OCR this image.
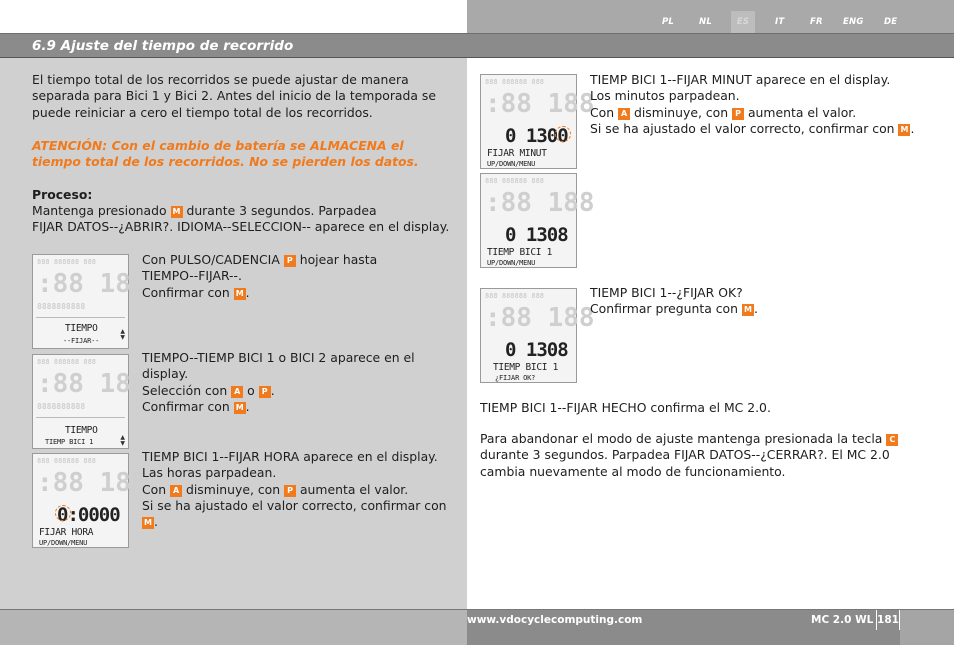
PL	NL	ES	IT	FR ENG DE
6.9 Ajuste del tiempo de recorrido
El tiempo total de los recorridos se puede ajustar de manera separada para Bici 1 y Bici 2. Antes del inicio de la temporada se puede reiniciar a cero el tiempo total de los recorridos.
ATENCIÓN: Con el cambio de batería se ALMACENA el tiempo total de los recorridos. No se pierden los datos.
Proceso:

Mantenga presionado M durante 3 segundos. Parpadea

FIJAR DATOS--¿ABRIR?. IDIOMA--SELECCION-- aparece en el display.

888 888888 888
:88 188
8888888888
TIEMPO
--FIJAR--
▲
▼

Con PULSO/CADENCIA P hojear hasta

TIEMPO--FIJAR--.

Confirmar con M .

888 888888 888
:88 188
8888888888
TIEMPO
TIEMP BICI 1
▲
▼

TIEMPO--TIEMP BICI 1 o BICI 2 aparece en el display.

Selección con A o P .

Confirmar con M .

888 888888 888
:88 188
0:0000
FIJAR HORA
UP/DOWN/MENU

TIEMP BICI 1--FIJAR HORA aparece en el display.

Las horas parpadean.

Con A disminuye, con P aumenta el valor.

Si se ha ajustado el valor correcto, confirmar con M .

888 888888 888
:88 188
0 1300
FIJAR MINUT
UP/DOWN/MENU
888 888888 888
:88 188
0 1308
TIEMP BICI 1
UP/DOWN/MENU

TIEMP BICI 1--FIJAR MINUT aparece en el display.

Los minutos parpadean.

Con A disminuye, con P aumenta el valor.

Si se ha ajustado el valor correcto, confirmar con M .

888 888888 888
:88 188
0 1308
TIEMP BICI 1
¿FIJAR OK?

TIEMP BICI 1--¿FIJAR OK?

Confirmar pregunta con M .

TIEMP BICI 1--FIJAR HECHO confirma el MC 2.0.

Para abandonar el modo de ajuste mantenga presionada la tecla C

durante 3 segundos. Parpadea FIJAR DATOS--¿CERRAR?. El MC 2.0

cambia nuevamente al modo de funcionamiento.

www.vdocyclecomputing.com	MC 2.0 WL 181
